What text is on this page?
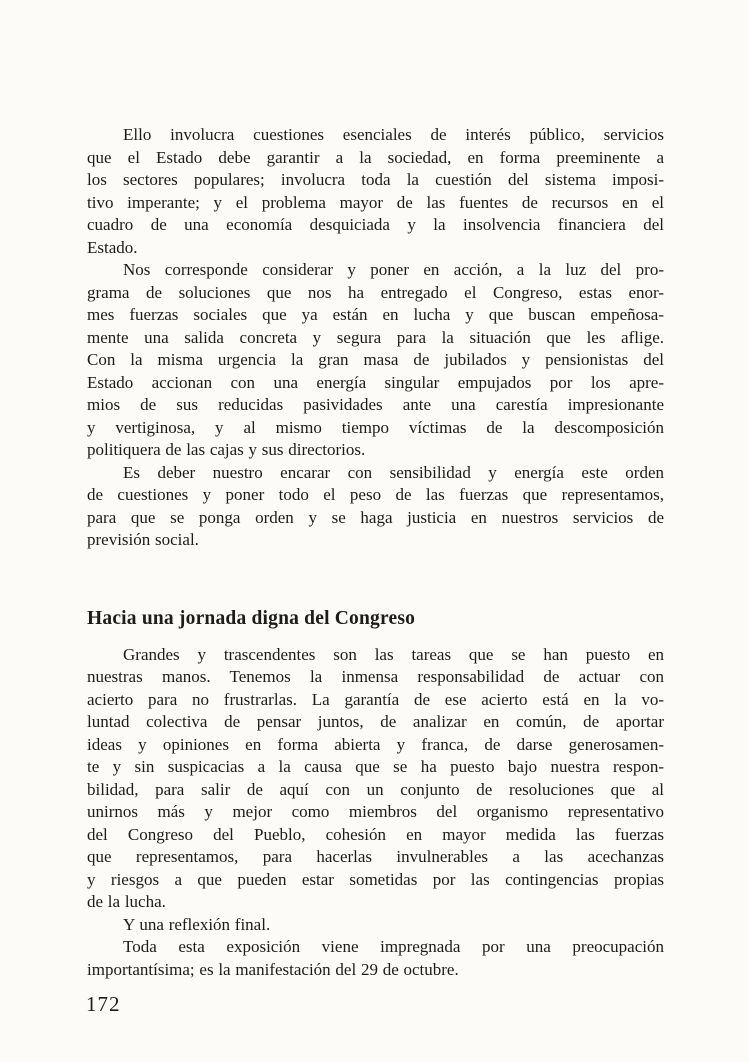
Ello involucra cuestiones esenciales de interés público, servicios
que el Estado debe garantir a la sociedad, en forma preeminente a
los sectores populares; involucra toda la cuestión del sistema imposi-
tivo imperante; y el problema mayor de las fuentes de recursos en el
cuadro de una economía desquiciada y la insolvencia financiera del
Estado.

Nos corresponde considerar y poner en acción, a la luz del pro-
grama de soluciones que nos ha entregado el Congreso, estas enor-
mes fuerzas sociales que ya están en lucha y que buscan empeñosa-
mente una salida concreta y segura para la situación que les aflige.
Con la misma urgencia la gran masa de jubilados y pensionistas del
Estado accionan con una energía singular empujados por los apre-
mios de sus reducidas pasividades ante una carestía impresionante
y vertiginosa, y al mismo tiempo víctimas de la descomposición
politiquera de las cajas y sus directorios.

Es deber nuestro encarar con sensibilidad y energía este orden
de cuestiones y poner todo el peso de las fuerzas que representamos,
para que se ponga orden y se haga justicia en nuestros servicios de
previsión social.

Hacia una jornada digna del Congreso

Grandes y trascendentes son las tareas que se han puesto en
nuestras manos. Tenemos la inmensa responsabilidad de actuar con
acierto para no frustrarlas. La garantía de ese acierto está en la vo-
luntad colectiva de pensar juntos, de analizar en común, de aportar
ideas y opiniones en forma abierta y franca, de darse generosamen-
te y sin suspicacias a la causa que se ha puesto bajo nuestra respon-
bilidad, para salir de aquí con un conjunto de resoluciones que al
unirnos más y mejor como miembros del organismo representativo
del Congreso del Pueblo, cohesión en mayor medida las fuerzas
que representamos, para hacerlas invulnerables a las acechanzas
y riesgos a que pueden estar sometidas por las contingencias propias
de la lucha.

Y una reflexión final.

Toda esta exposición viene impregnada por una preocupación
importantísima; es la manifestación del 29 de octubre.

172
